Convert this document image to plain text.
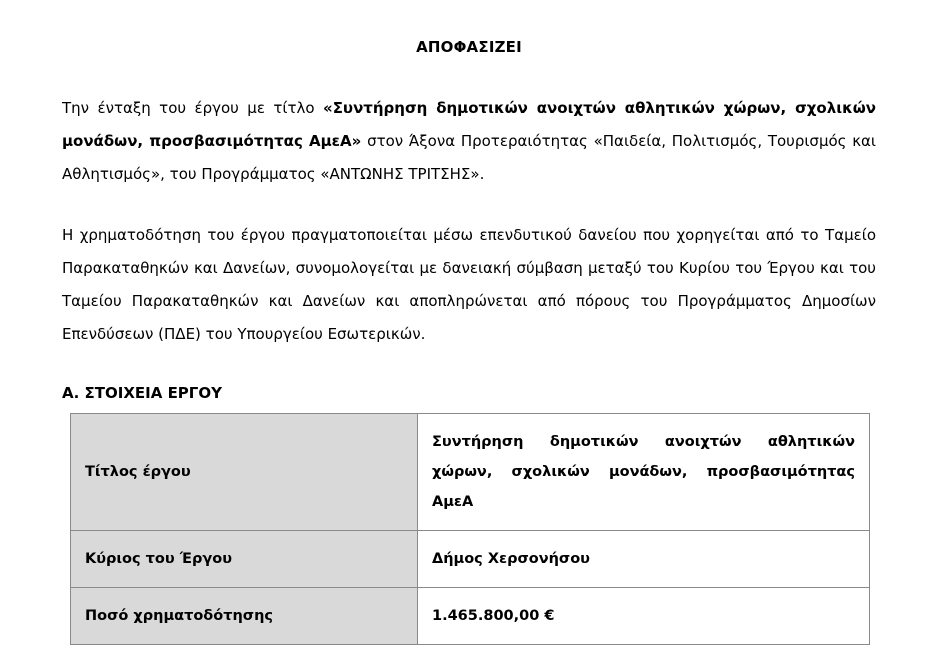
ΑΠΟΦΑΣΙΖΕΙ

Την ένταξη του έργου με τίτλο «Συντήρηση δημοτικών ανοιχτών αθλητικών χώρων, σχολικών μονάδων, προσβασιμότητας ΑμεΑ» στον Άξονα Προτεραιότητας «Παιδεία, Πολιτισμός, Τουρισμός και Αθλητισμός», του Προγράμματος «ΑΝΤΩΝΗΣ ΤΡΙΤΣΗΣ».

Η χρηματοδότηση του έργου πραγματοποιείται μέσω επενδυτικού δανείου που χορηγείται από το Ταμείο Παρακαταθηκών και Δανείων, συνομολογείται με δανειακή σύμβαση μεταξύ του Κυρίου του Έργου και του Ταμείου Παρακαταθηκών και Δανείων και αποπληρώνεται από πόρους του Προγράμματος Δημοσίων Επενδύσεων (ΠΔΕ) του Υπουργείου Εσωτερικών.

Α. ΣΤΟΙΧΕΙΑ ΕΡΓΟΥ
Τίτλος έργου	Συντήρηση δημοτικών ανοιχτών αθλητικών χώρων, σχολικών μονάδων, προσβασιμότητας ΑμεΑ
Κύριος του Έργου	Δήμος Χερσονήσου
Ποσό χρηματοδότησης	1.465.800,00 €
